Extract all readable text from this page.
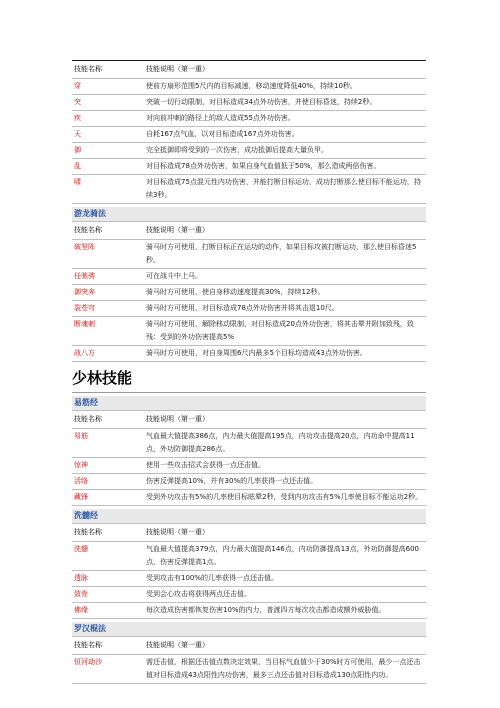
技能名称	技能说明（第一重）
穿	使前方扇形范围5尺内的目标减速，移动速度降低40%，持续10秒。
突	突破一切行动限制，对目标造成34点外功伤害，并使目标昏迷，持续2秒。
疾	对向前冲刺的路径上的敌人造成55点外功伤害。
天	自耗167点气血，以对目标造成167点外功伤害。
御	完全抵御即将受到的一次伤害，成功抵御后提高大量负甲。
乱	对目标造成78点外功伤害，如果自身气血值低于50%，那么造成两倍伤害。
啸	对目标造成75点混元性内功伤害，并能打断目标运功，成功打断那么使目标不能运功，持续3秒。
游龙骑法
技能名称	技能说明（第一重）
破坚阵	骑马时方可使用，打断目标正在运功的动作，如果目标攻被打断运功，那么使目标昏迷5秒。
任驰骋	可在战斗中上马。
御突奔	骑马时方可使用，使自身移动速度提高30%，持续12秒。
裂苍穹	骑马时方可使用，对目标造成78点外功伤害并将其击退10尺。
断魂刺	骑马时方可使用，解除移动限制，对目标造成20点外功伤害，将其击晕并附加致残，致残：受到的外功伤害提高5%
战八方	骑马时方可使用，对自身周围6尺内最多5个目标均造成43点外功伤害。
少林技能
易筋经
技能名称	技能说明（第一重）
易筋	气血最大值提高386点，内力最大值提高195点，内功攻击提高20点，内功命中提高11点，外功防御提高286点。
惊神	使用一些攻击招式会获得一点还击值。
活络	伤害反弹提高10%，并有30%的几率获得一点还击值。
藏锋	受到外功攻击有5%的几率使目标眩晕2秒，受到内功攻击有5%几率使目标不能运功2秒。
洗髓经
技能名称	技能说明（第一重）
洗髓	气血最大值提高379点，内力最大值提高146点，内功防御提高13点，外功防御提高600点，伤害反弹提高1点。
透脉	受到攻击有100%的几率获得一点还击值。
敛骨	受到会心攻击将获得两点还击值。
佛缘	每次造成伤害都恢复伤害10%的内力，普渡四方每次攻击都造成额外威胁值。
罗汉棍法
技能名称	技能说明（第一重）
恒河劫沙	需还击值，根据还击值点数决定效果，当目标气血值少于30%时方可使用，最少一点还击值对目标造成43点阳性内功伤害，最多三点还击值对目标造成130点阳性内功。
